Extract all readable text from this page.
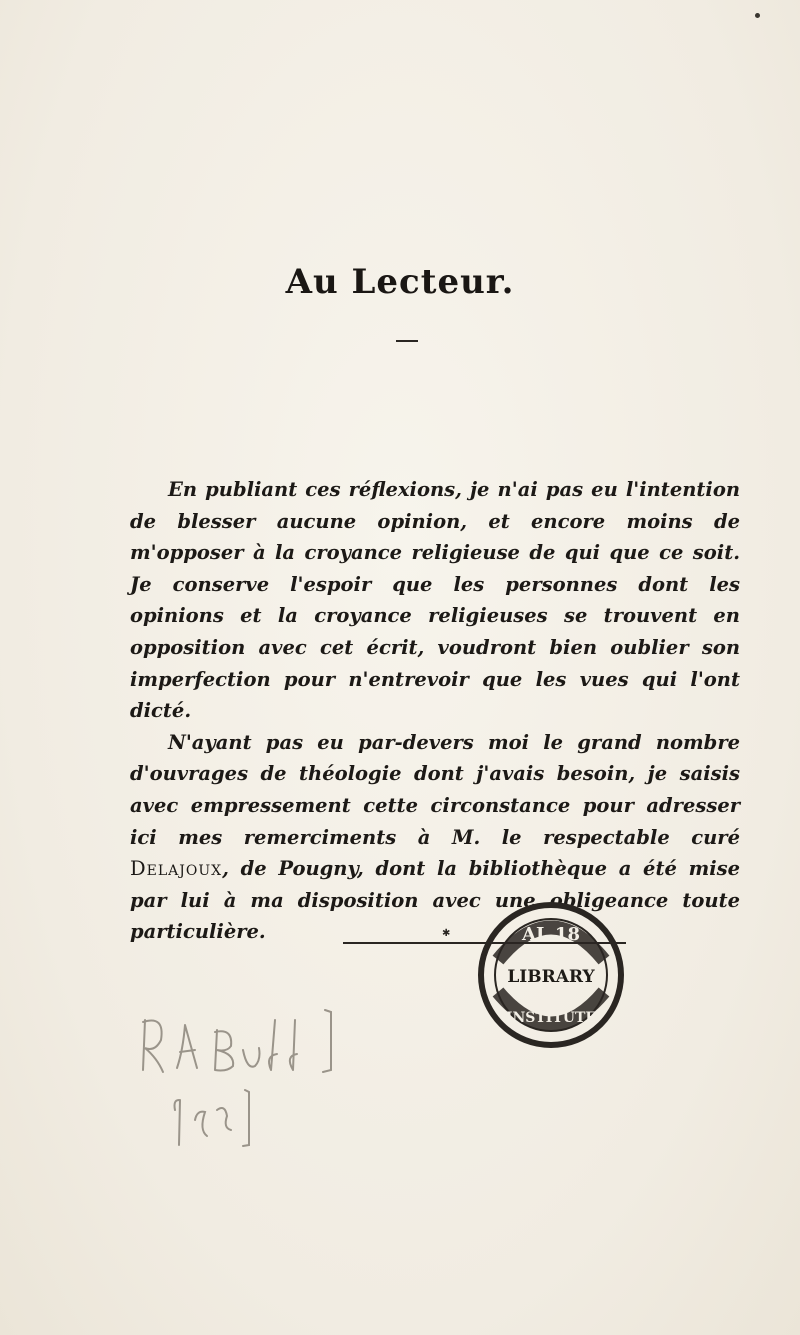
Au Lecteur.

En publiant ces réflexions, je n'ai pas eu l'intention de blesser aucune opinion, et encore moins de m'opposer à la croyance religieuse de qui que ce soit. Je conserve l'espoir que les personnes dont les opinions et la croyance religieuses se trouvent en opposition avec cet écrit, voudront bien oublier son imperfection pour n'entrevoir que les vues qui l'ont dicté.

N'ayant pas eu par-devers moi le grand nombre d'ouvrages de théologie dont j'avais besoin, je saisis avec empressement cette circonstance pour adresser ici mes remerciments à M. le respectable curé Delajoux, de Pougny, dont la bibliothèque a été mise par lui à ma disposition avec une obligeance toute particulière.	✱	AL 18
LIBRARY
INSTITUTE
